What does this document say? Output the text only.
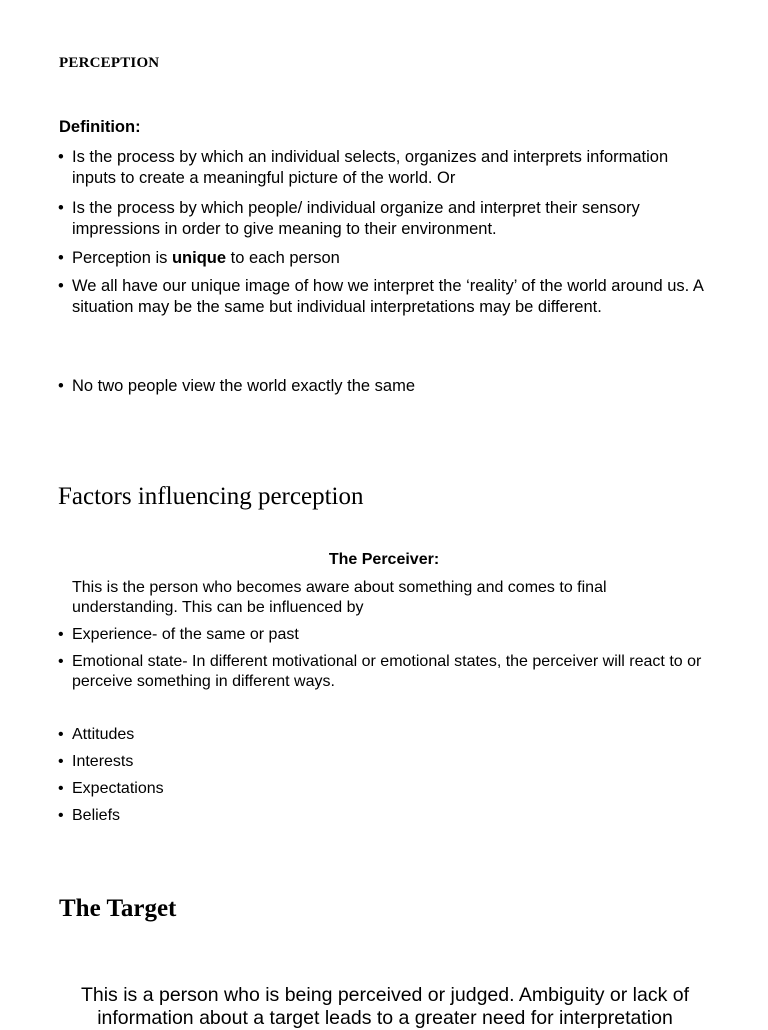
PERCEPTION
Definition:
• Is the process by which an individual selects, organizes and interprets information inputs to create a meaningful picture of the world. Or
• Is the process by which people/ individual organize and interpret their sensory impressions in order to give meaning to their environment.
• Perception is unique to each person
• We all have our unique image of how we interpret the ‘reality’ of the world around us. A situation may be the same but individual interpretations may be different.
• No two people view the world exactly the same
Factors influencing perception
The Perceiver:
This is the person who becomes aware about something and comes to final understanding. This can be influenced by
• Experience- of the same or past
• Emotional state- In different motivational or emotional states, the perceiver will react to or perceive something in different ways.
• Attitudes
• Interests
• Expectations
• Beliefs
The Target
This is a person who is being perceived or judged. Ambiguity or lack of information about a target leads to a greater need for interpretation
